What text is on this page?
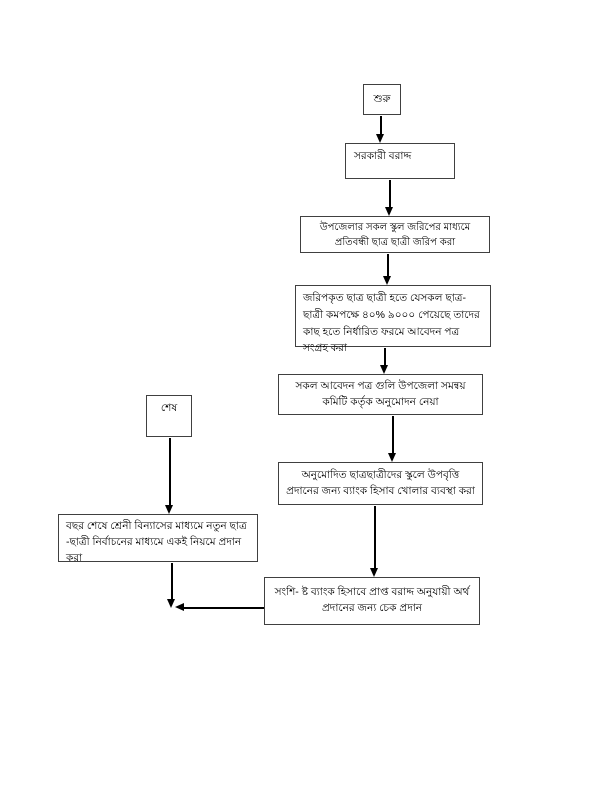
শুরু
সরকারী বরাদ্দ
উপজেলার সকল স্কুল জরিপের মাধ্যমে প্রতিবন্ধী ছাত্র ছাত্রী জরিপ করা
জরিপকৃত ছাত্র ছাত্রী হতে যেসকল ছাত্র-ছাত্রী কমপক্ষে ৪০% ৯০০০ পেয়েছে তাদের কাছ হতে নির্ধারিত ফরমে আবেদন পত্র সংগ্রহ করা
সকল আবেদন পত্র গুলি উপজেলা সমন্বয় কমিটি কর্তৃক অনুমোদন নেয়া
অনুমোদিত ছাত্রছাত্রীদের স্কুলে উপবৃত্তি প্রদানের জন্য ব্যাংক হিসাব খোলার ব্যবস্থা করা
সংশি- ষ্ট ব্যাংক হিসাবে প্রাপ্ত বরাদ্দ অনুযায়ী অর্থ প্রদানের জন্য চেক প্রদান
শেষ
বছর শেষে শ্রেনী বিন্যাসের মাধ্যমে নতুন ছাত্র -ছাত্রী নির্বাচনের মাধ্যমে একই নিয়মে প্রদান করা
